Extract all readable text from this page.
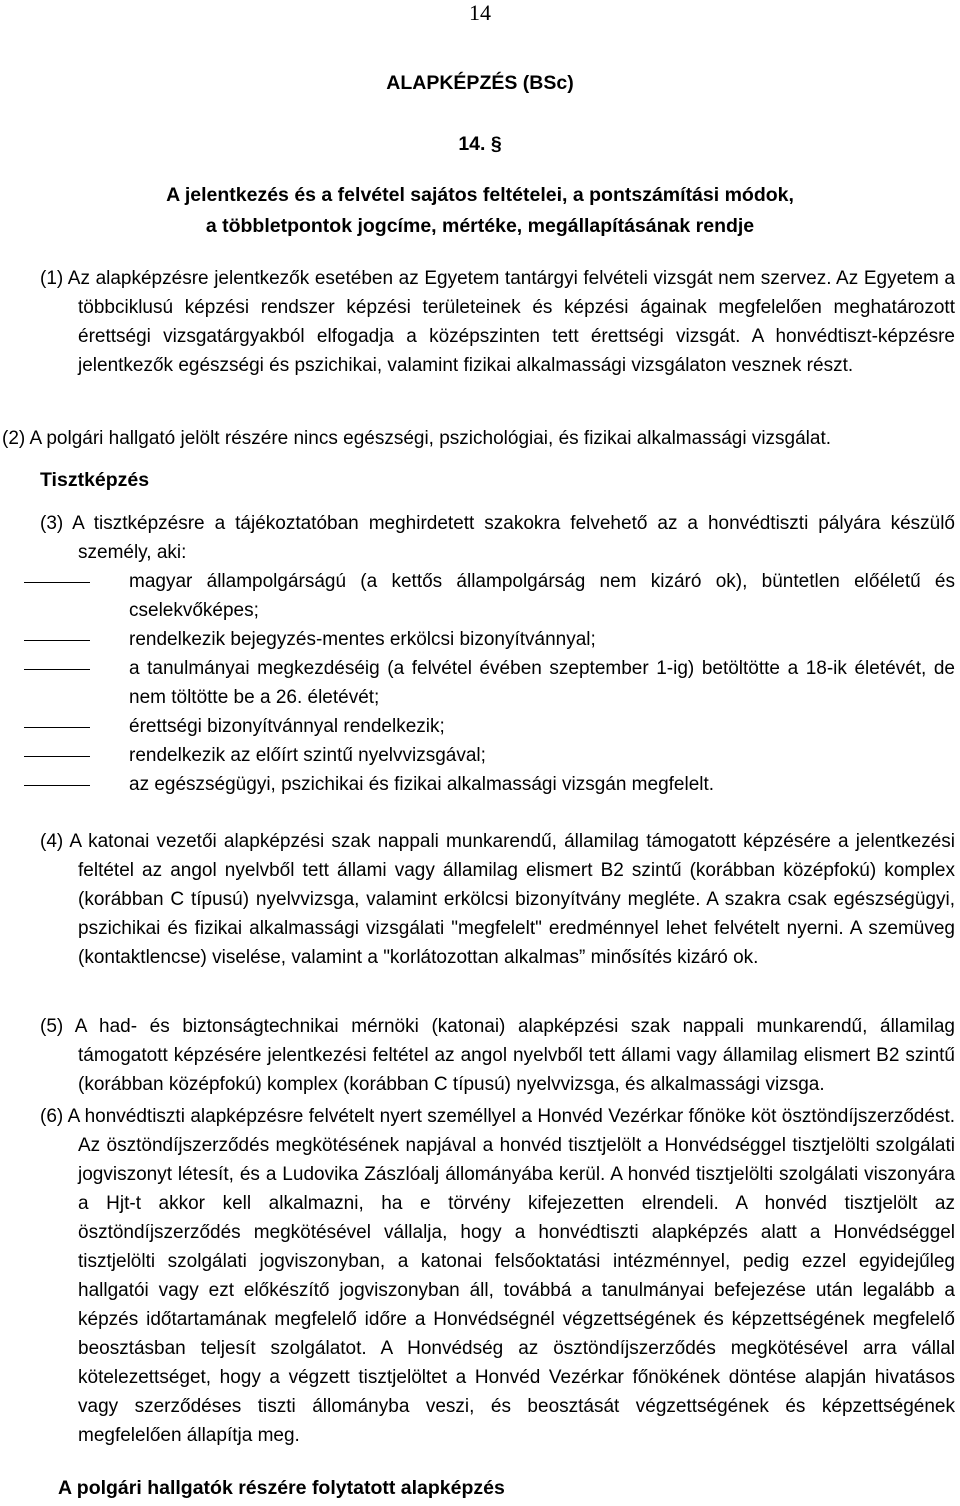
14
ALAPKÉPZÉS (BSc)
14. §
A jelentkezés és a felvétel sajátos feltételei, a pontszámítási módok,
a többletpontok jogcíme, mértéke, megállapításának rendje

(1) Az alapképzésre jelentkezők esetében az Egyetem tantárgyi felvételi vizsgát nem szervez. Az Egyetem a többciklusú képzési rendszer képzési területeinek és képzési ágainak megfelelően meghatározott érettségi vizsgatárgyakból elfogadja a középszinten tett érettségi vizsgát. A honvédtiszt-képzésre jelentkezők egészségi és pszichikai, valamint fizikai alkalmassági vizsgálaton vesznek részt.

(2) A polgári hallgató jelölt részére nincs egészségi, pszichológiai, és fizikai alkalmassági vizsgálat.

Tisztképzés

(3) A tisztképzésre a tájékoztatóban meghirdetett szakokra felvehető az a honvédtiszti pályára készülő személy, aki:

magyar állampolgárságú (a kettős állampolgárság nem kizáró ok), büntetlen előéletű és cselekvőképes;
rendelkezik bejegyzés-mentes erkölcsi bizonyítvánnyal;
a tanulmányai megkezdéséig (a felvétel évében szeptember 1-ig) betöltötte a 18-ik életévét, de nem töltötte be a 26. életévét;
érettségi bizonyítvánnyal rendelkezik;
rendelkezik az előírt szintű nyelvvizsgával;
az egészségügyi, pszichikai és fizikai alkalmassági vizsgán megfelelt.

(4) A katonai vezetői alapképzési szak nappali munkarendű, államilag támogatott képzésére a jelentkezési feltétel az angol nyelvből tett állami vagy államilag elismert B2 szintű (korábban középfokú) komplex (korábban C típusú) nyelvvizsga, valamint erkölcsi bizonyítvány megléte. A szakra csak egészségügyi, pszichikai és fizikai alkalmassági vizsgálati "megfelelt" eredménnyel lehet felvételt nyerni. A szemüveg (kontaktlencse) viselése, valamint a "korlátozottan alkalmas” minősítés kizáró ok.

(5) A had- és biztonságtechnikai mérnöki (katonai) alapképzési szak nappali munkarendű, államilag támogatott képzésére jelentkezési feltétel az angol nyelvből tett állami vagy államilag elismert B2 szintű (korábban középfokú) komplex (korábban C típusú) nyelvvizsga, és alkalmassági vizsga.

(6) A honvédtiszti alapképzésre felvételt nyert személlyel a Honvéd Vezérkar főnöke köt ösztöndíjszerződést. Az ösztöndíjszerződés megkötésének napjával a honvéd tisztjelölt a Honvédséggel tisztjelölti szolgálati jogviszonyt létesít, és a Ludovika Zászlóalj állományába kerül. A honvéd tisztjelölti szolgálati viszonyára a Hjt-t akkor kell alkalmazni, ha e törvény kifejezetten elrendeli. A honvéd tisztjelölt az ösztöndíjszerződés megkötésével vállalja, hogy a honvédtiszti alapképzés alatt a Honvédséggel tisztjelölti szolgálati jogviszonyban, a katonai felsőoktatási intézménnyel, pedig ezzel egyidejűleg hallgatói vagy ezt előkészítő jogviszonyban áll, továbbá a tanulmányai befejezése után legalább a képzés időtartamának megfelelő időre a Honvédségnél végzettségének és képzettségének megfelelő beosztásban teljesít szolgálatot. A Honvédség az ösztöndíjszerződés megkötésével arra vállal kötelezettséget, hogy a végzett tisztjelöltet a Honvéd Vezérkar főnökének döntése alapján hivatásos vagy szerződéses tiszti állományba veszi, és beosztását végzettségének és képzettségének megfelelően állapítja meg.

A polgári hallgatók részére folytatott alapképzés
